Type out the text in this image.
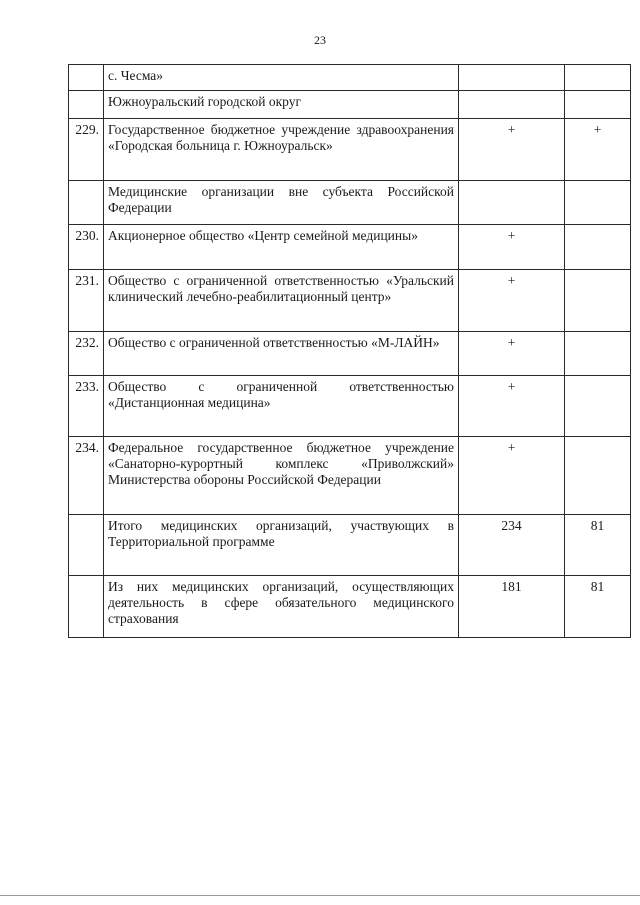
23
	с. Чесма»		
	Южноуральский городской округ		
229.	Государственное бюджетное учреждение здравоохранения «Городская больница г. Южноуральск»	+	+
	Медицинские организации вне субъекта Российской Федерации		
230.	Акционерное общество «Центр семейной медицины»	+	
231.	Общество с ограниченной ответственностью «Уральский клинический лечебно-реабилитационный центр»	+	
232.	Общество с ограниченной ответственностью «М-ЛАЙН»	+	
233.	Общество с ограниченной ответственностью «Дистанционная медицина»	+	
234.	Федеральное государственное бюджетное учреждение «Санаторно-курортный комплекс «Приволжский» Министерства обороны Российской Федерации	+	
	Итого медицинских организаций, участвующих в Территориальной программе	234	81
	Из них медицинских организаций, осуществляющих деятельность в сфере обязательного медицинского страхования	181	81
